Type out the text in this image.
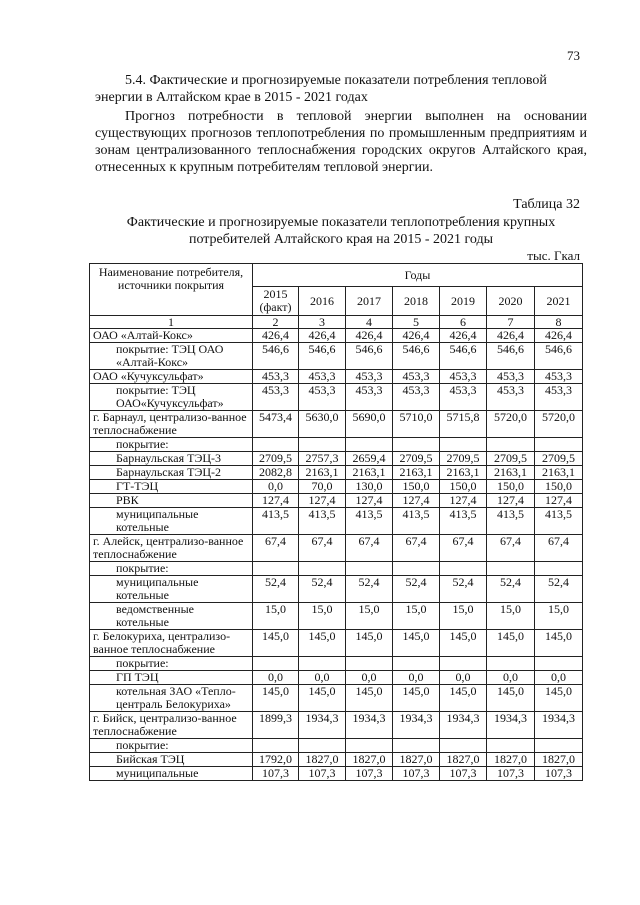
73
5.4. Фактические и прогнозируемые показатели потребления тепловой энергии в Алтайском крае в 2015 - 2021 годах
Прогноз потребности в тепловой энергии выполнен на основании существующих прогнозов теплопотребления по промышленным предприятиям и зонам централизованного теплоснабжения городских округов Алтайского края, отнесенных к крупным потребителям тепловой энергии.
Таблица 32
Фактические и прогнозируемые показатели теплопотребления крупных потребителей Алтайского края на 2015 - 2021 годы
тыс. Гкал
Наименование потребителя, источники покрытия	Годы						
	2015 (факт)	2016	2017	2018	2019	2020	2021
1	2	3	4	5	6	7	8
ОАО «Алтай-Кокс»	426,4	426,4	426,4	426,4	426,4	426,4	426,4
покрытие: ТЭЦ ОАО «Алтай-Кокс»	546,6	546,6	546,6	546,6	546,6	546,6	546,6
ОАО «Кучуксульфат»	453,3	453,3	453,3	453,3	453,3	453,3	453,3
покрытие: ТЭЦ ОАО«Кучуксульфат»	453,3	453,3	453,3	453,3	453,3	453,3	453,3
г. Барнаул, централизо-ванное теплоснабжение	5473,4	5630,0	5690,0	5710,0	5715,8	5720,0	5720,0
покрытие:							
Барнаульская ТЭЦ-3	2709,5	2757,3	2659,4	2709,5	2709,5	2709,5	2709,5
Барнаульская ТЭЦ-2	2082,8	2163,1	2163,1	2163,1	2163,1	2163,1	2163,1
ГТ-ТЭЦ	0,0	70,0	130,0	150,0	150,0	150,0	150,0
РВК	127,4	127,4	127,4	127,4	127,4	127,4	127,4
муниципальные котельные	413,5	413,5	413,5	413,5	413,5	413,5	413,5
г. Алейск, централизо-ванное теплоснабжение	67,4	67,4	67,4	67,4	67,4	67,4	67,4
покрытие:							
муниципальные котельные	52,4	52,4	52,4	52,4	52,4	52,4	52,4
ведомственные котельные	15,0	15,0	15,0	15,0	15,0	15,0	15,0
г. Белокуриха, централизо-ванное теплоснабжение	145,0	145,0	145,0	145,0	145,0	145,0	145,0
покрытие:							
ГП ТЭЦ	0,0	0,0	0,0	0,0	0,0	0,0	0,0
котельная ЗАО «Тепло-централь Белокуриха»	145,0	145,0	145,0	145,0	145,0	145,0	145,0
г. Бийск, централизо-ванное теплоснабжение	1899,3	1934,3	1934,3	1934,3	1934,3	1934,3	1934,3
покрытие:							
Бийская ТЭЦ	1792,0	1827,0	1827,0	1827,0	1827,0	1827,0	1827,0
муниципальные	107,3	107,3	107,3	107,3	107,3	107,3	107,3
